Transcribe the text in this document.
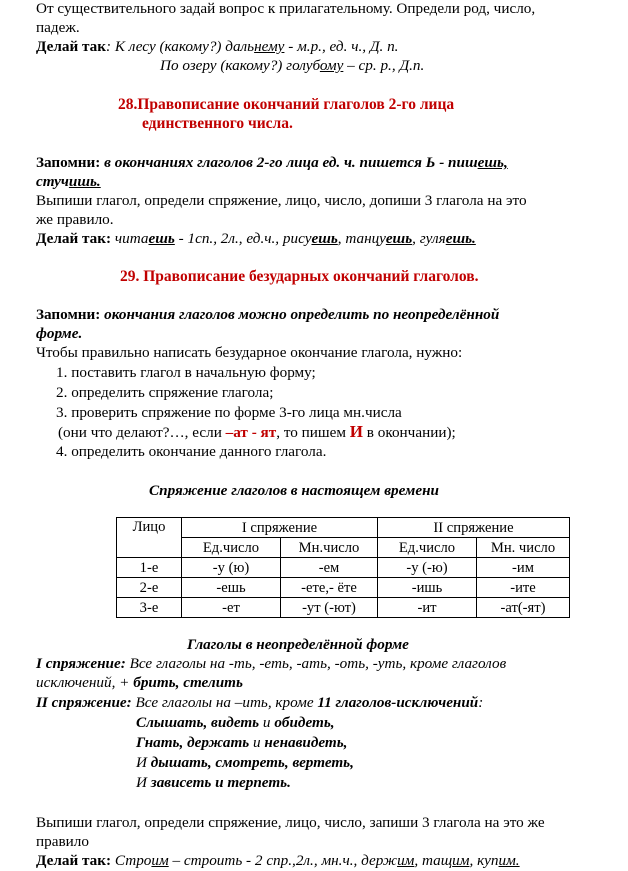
От существительного задай вопрос к прилагательному. Определи род, число,
падеж.
Делай так: К лесу (какому?) дальнему - м.р., ед. ч., Д. п.
По озеру (какому?) голубому – ср. р., Д.п.
28.Правописание окончаний глаголов 2-го лица
единственного числа.
Запомни: в окончаниях глаголов 2-го лица ед. ч. пишется Ь - пишешь,
стучишь.
Выпиши глагол, определи спряжение, лицо, число, допиши 3 глагола на это
же правило.
Делай так: читаешь - 1сп., 2л., ед.ч., рисуешь, танцуешь, гуляешь.
29. Правописание безударных окончаний глаголов.
Запомни: окончания глаголов можно определить по неопределённой
форме.
Чтобы правильно написать безударное окончание глагола, нужно:
1. поставить глагол в начальную форму;
2. определить спряжение глагола;
3. проверить спряжение по форме 3-го лица мн.числа
(они что делают?…, если –ат - ят, то пишем И в окончании);
4. определить окончание данного глагола.
Спряжение глаголов в настоящем времени
Лицо	I спряжение		II спряжение	
	Ед.число	Мн.число	Ед.число	Мн. число
1-е	-у (ю)	-ем	-у (-ю)	-им
2-е	-ешь	-ете,- ёте	-ишь	-ите
3-е	-ет	-ут (-ют)	-ит	-ат(-ят)
Глаголы в неопределённой форме
I спряжение: Все глаголы на -ть, -еть, -ать, -оть, -уть, кроме глаголов
исключений, + брить, стелить
II спряжение: Все глаголы на –ить, кроме 11 глаголов-исключений:
Слышать, видеть и обидеть,
Гнать, держать и ненавидеть,
И дышать, смотреть, вертеть,
И зависеть и терпеть.
Выпиши глагол, определи спряжение, лицо, число, запиши 3 глагола на это же
правило
Делай так: Строим – строить - 2 спр.,2л., мн.ч., держим, тащим, купим.
